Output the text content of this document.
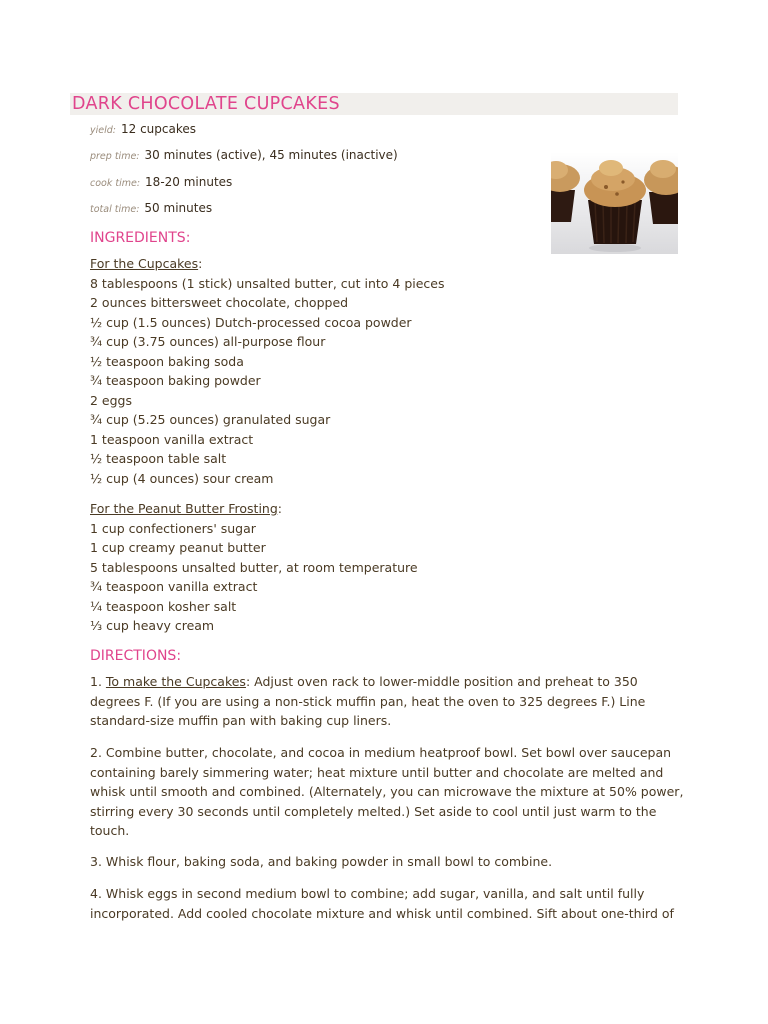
DARK CHOCOLATE CUPCAKES
yield: 12 cupcakes
prep time: 30 minutes (active), 45 minutes (inactive)
cook time: 18-20 minutes
total time: 50 minutes
INGREDIENTS:
For the Cupcakes:
8 tablespoons (1 stick) unsalted butter, cut into 4 pieces
2 ounces bittersweet chocolate, chopped
½ cup (1.5 ounces) Dutch-processed cocoa powder
¾ cup (3.75 ounces) all-purpose flour
½ teaspoon baking soda
¾ teaspoon baking powder
2 eggs
¾ cup (5.25 ounces) granulated sugar
1 teaspoon vanilla extract
½ teaspoon table salt
½ cup (4 ounces) sour cream
For the Peanut Butter Frosting:
1 cup confectioners' sugar
1 cup creamy peanut butter
5 tablespoons unsalted butter, at room temperature
¾ teaspoon vanilla extract
¼ teaspoon kosher salt
⅓ cup heavy cream
DIRECTIONS:

1. To make the Cupcakes: Adjust oven rack to lower-middle position and preheat to 350 degrees F. (If you are using a non-stick muffin pan, heat the oven to 325 degrees F.) Line standard-size muffin pan with baking cup liners.

2. Combine butter, chocolate, and cocoa in medium heatproof bowl. Set bowl over saucepan containing barely simmering water; heat mixture until butter and chocolate are melted and whisk until smooth and combined. (Alternately, you can microwave the mixture at 50% power, stirring every 30 seconds until completely melted.) Set aside to cool until just warm to the touch.

3. Whisk flour, baking soda, and baking powder in small bowl to combine.

4. Whisk eggs in second medium bowl to combine; add sugar, vanilla, and salt until fully incorporated. Add cooled chocolate mixture and whisk until combined. Sift about one-third of
